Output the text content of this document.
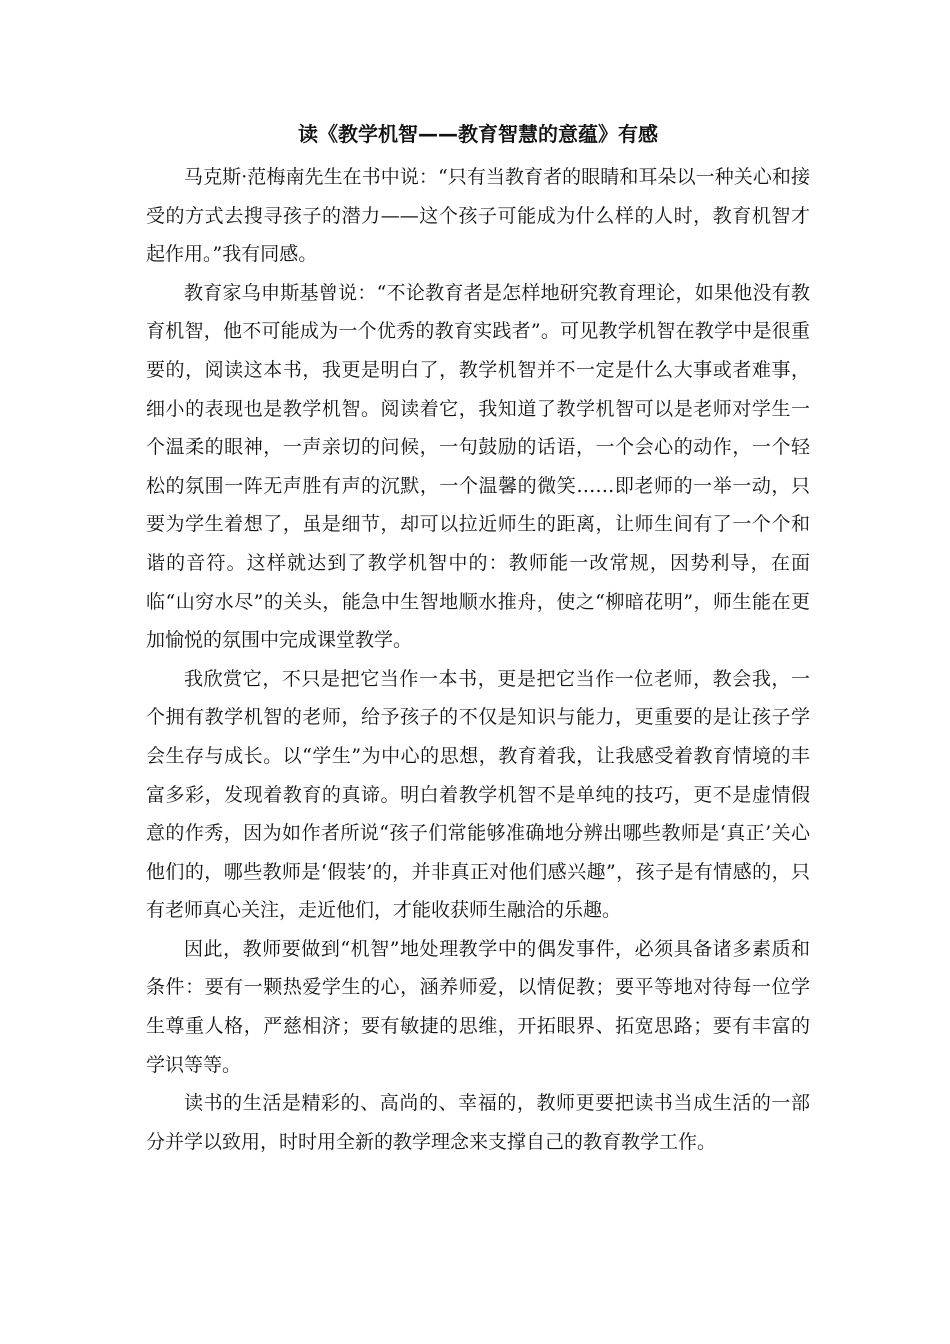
读《教学机智——教育智慧的意蕴》有感

马克斯·范梅南先生在书中说：“只有当教育者的眼睛和耳朵以一种关心和接受的方式去搜寻孩子的潜力——这个孩子可能成为什么样的人时，教育机智才起作用。”我有同感。

教育家乌申斯基曾说：“不论教育者是怎样地研究教育理论，如果他没有教育机智，他不可能成为一个优秀的教育实践者”。可见教学机智在教学中是很重要的，阅读这本书，我更是明白了，教学机智并不一定是什么大事或者难事，细小的表现也是教学机智。阅读着它，我知道了教学机智可以是老师对学生一个温柔的眼神，一声亲切的问候，一句鼓励的话语，一个会心的动作，一个轻松的氛围一阵无声胜有声的沉默，一个温馨的微笑……即老师的一举一动，只要为学生着想了，虽是细节，却可以拉近师生的距离，让师生间有了一个个和谐的音符。这样就达到了教学机智中的：教师能一改常规，因势利导，在面临“山穷水尽”的关头，能急中生智地顺水推舟，使之“柳暗花明”，师生能在更加愉悦的氛围中完成课堂教学。

我欣赏它，不只是把它当作一本书，更是把它当作一位老师，教会我，一个拥有教学机智的老师，给予孩子的不仅是知识与能力，更重要的是让孩子学会生存与成长。以“学生”为中心的思想，教育着我，让我感受着教育情境的丰富多彩，发现着教育的真谛。明白着教学机智不是单纯的技巧，更不是虚情假意的作秀，因为如作者所说“孩子们常能够准确地分辨出哪些教师是‘真正’关心他们的，哪些教师是‘假装’的，并非真正对他们感兴趣”，孩子是有情感的，只有老师真心关注，走近他们，才能收获师生融洽的乐趣。

因此，教师要做到“机智”地处理教学中的偶发事件，必须具备诸多素质和条件：要有一颗热爱学生的心，涵养师爱，以情促教；要平等地对待每一位学生尊重人格，严慈相济；要有敏捷的思维，开拓眼界、拓宽思路；要有丰富的学识等等。

读书的生活是精彩的、高尚的、幸福的，教师更要把读书当成生活的一部分并学以致用，时时用全新的教学理念来支撑自己的教育教学工作。
